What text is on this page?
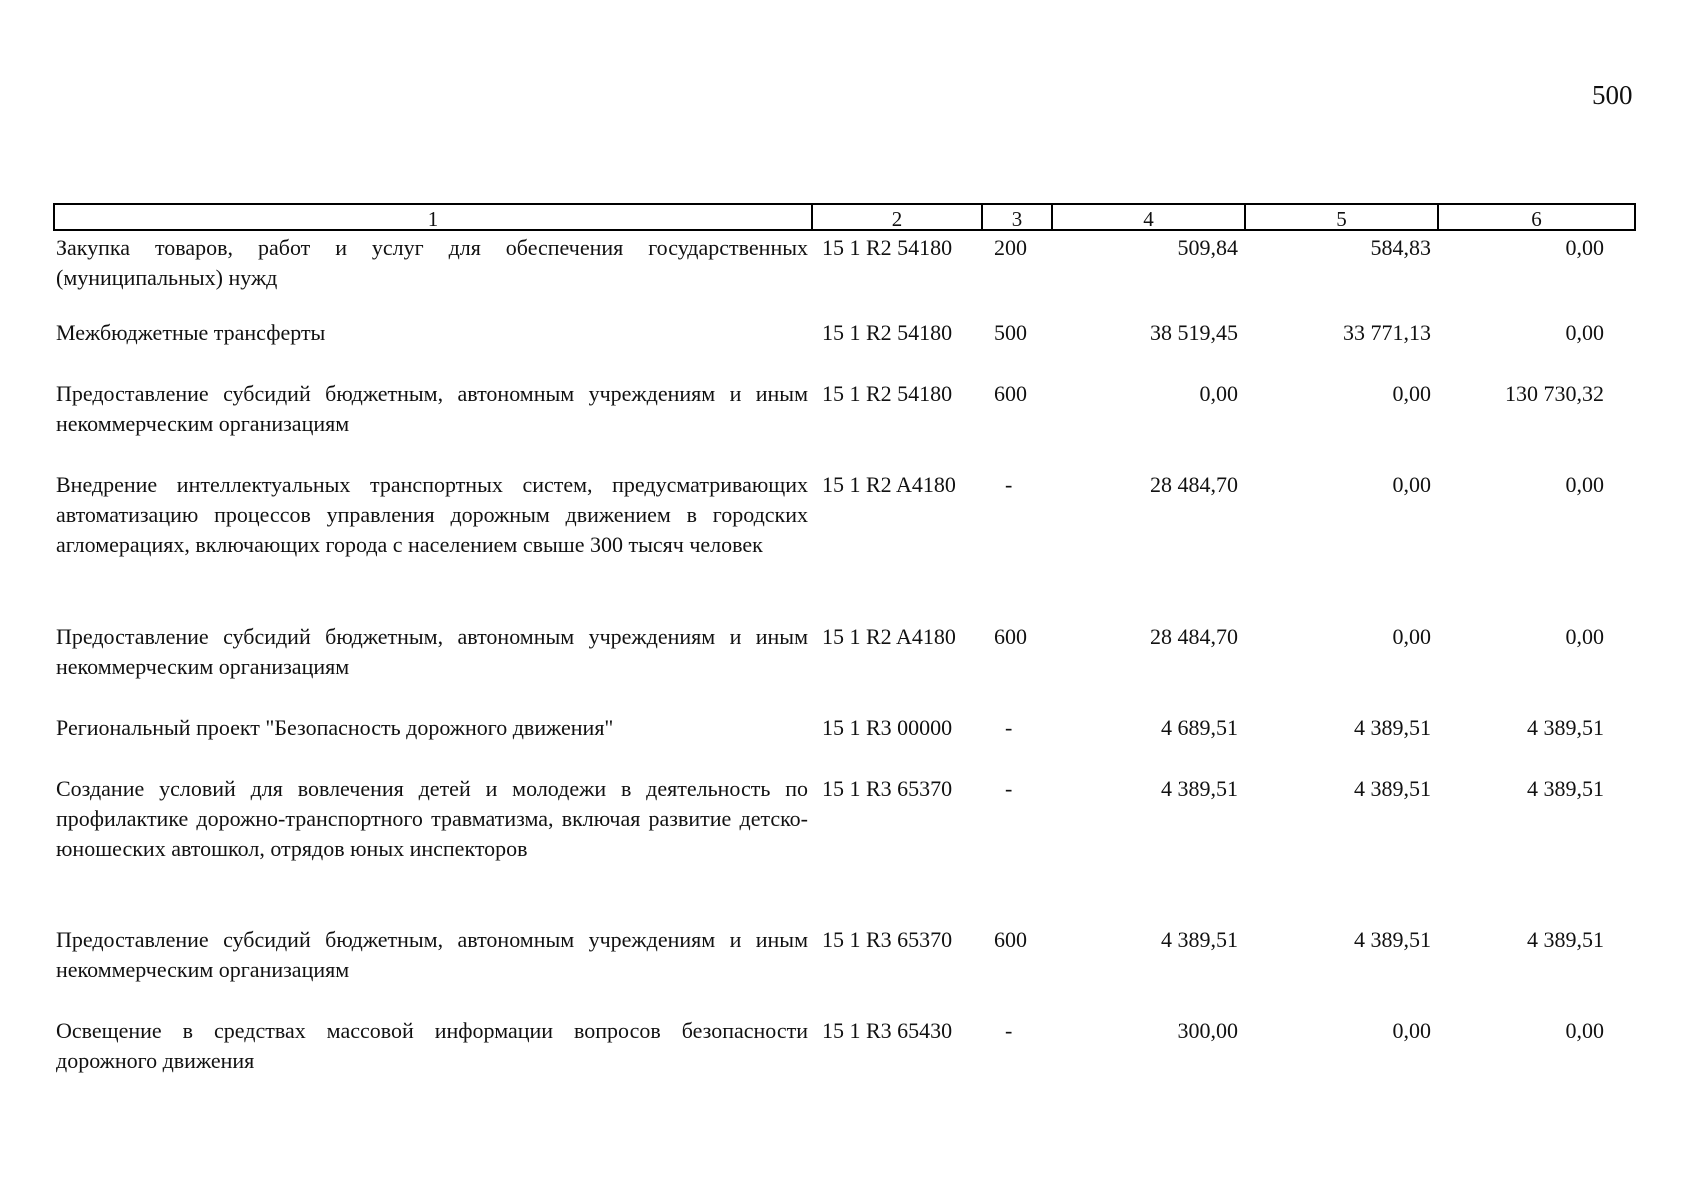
500
1	2	3	4	5	6
Закупка товаров, работ и услуг для обеспечения государственных (муниципальных) нужд
15 1 R2 54180	200	509,84	584,83	0,00
Межбюджетные трансферты	15 1 R2 54180	500	38 519,45	33 771,13	0,00
Предоставление субсидий бюджетным, автономным учреждениям и иным некоммерческим организациям
15 1 R2 54180	600	0,00	0,00	130 730,32
Внедрение интеллектуальных транспортных систем, предусматривающих автоматизацию процессов управления дорожным движением в городских агломерациях, включающих города с населением свыше 300 тысяч человек
15 1 R2 A4180	-	28 484,70	0,00	0,00
Предоставление субсидий бюджетным, автономным учреждениям и иным некоммерческим организациям
15 1 R2 A4180	600	28 484,70	0,00	0,00
Региональный проект "Безопасность дорожного движения"	15 1 R3 00000	-	4 689,51	4 389,51	4 389,51
Создание условий для вовлечения детей и молодежи в деятельность по профилактике дорожно-транспортного травматизма, включая развитие детско-юношеских автошкол, отрядов юных инспекторов
15 1 R3 65370	-	4 389,51	4 389,51	4 389,51
Предоставление субсидий бюджетным, автономным учреждениям и иным некоммерческим организациям
15 1 R3 65370	600	4 389,51	4 389,51	4 389,51
Освещение в средствах массовой информации вопросов безопасности дорожного движения
15 1 R3 65430	-	300,00	0,00	0,00
